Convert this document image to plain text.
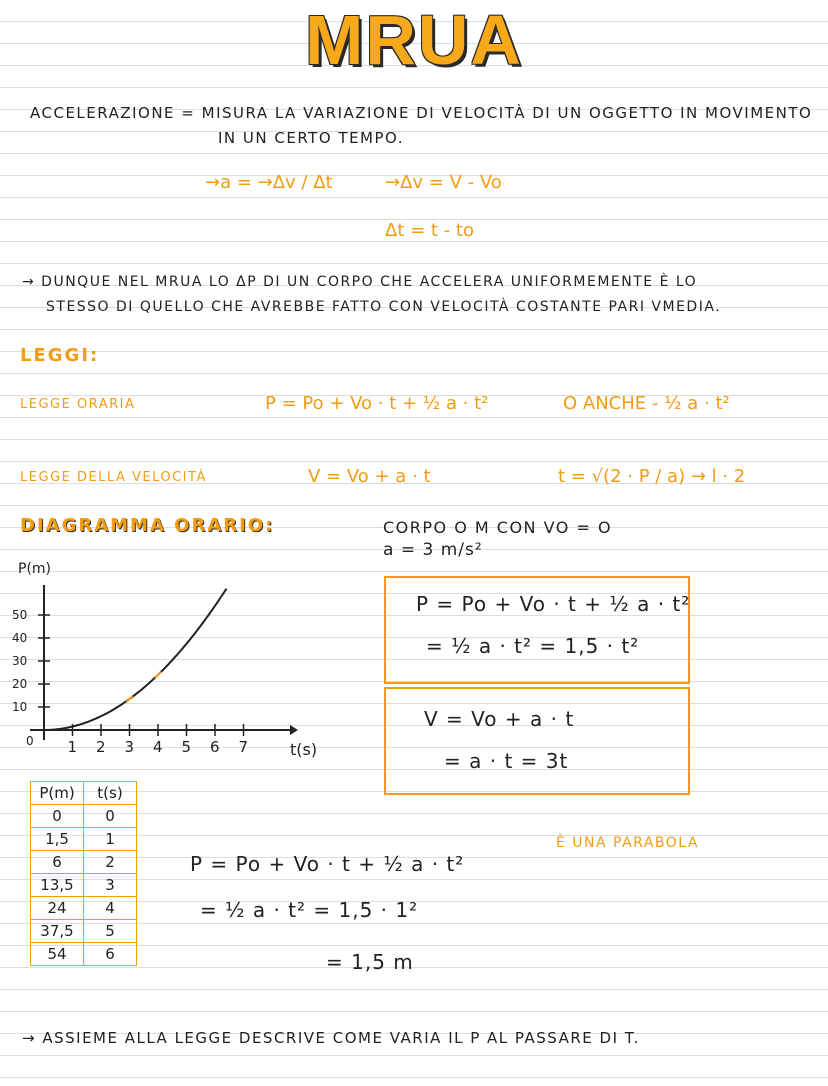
MRUA
ACCELERAZIONE = MISURA LA VARIAZIONE DI VELOCITÀ DI UN OGGETTO IN MOVIMENTO
IN UN CERTO TEMPO.
→a = →Δv / Δt	→Δv = V - Vo
Δt = t - to
→ DUNQUE NEL MRUA LO ΔP DI UN CORPO CHE ACCELERA UNIFORMEMENTE È LO
STESSO DI QUELLO CHE AVREBBE FATTO CON VELOCITÀ COSTANTE PARI VMEDIA.
LEGGI:
LEGGE ORARIA	P = Po + Vo · t + ½ a · t²	O ANCHE - ½ a · t²
LEGGE DELLA VELOCITÀ	V = Vo + a · t	t = √(2 · P / a) → l · 2
DIAGRAMMA ORARIO:	CORPO O M CON VO = O
a = 3 m/s²
P(m)
t(s)
0 1 2 3 4 5 6 7
10
20
30
40
50	P = Po + Vo · t + ½ a · t²
= ½ a · t² = 1,5 · t²
V = Vo + a · t
= a · t = 3t
P(m)	t(s)
0	0
1,5	1
6	2
13,5	3
24	4
37,5	5
54	6
P = Po + Vo · t + ½ a · t²
= ½ a · t² = 1,5 · 1²
= 1,5 m
È UNA PARABOLA
→ ASSIEME ALLA LEGGE DESCRIVE COME VARIA IL P AL PASSARE DI T.
